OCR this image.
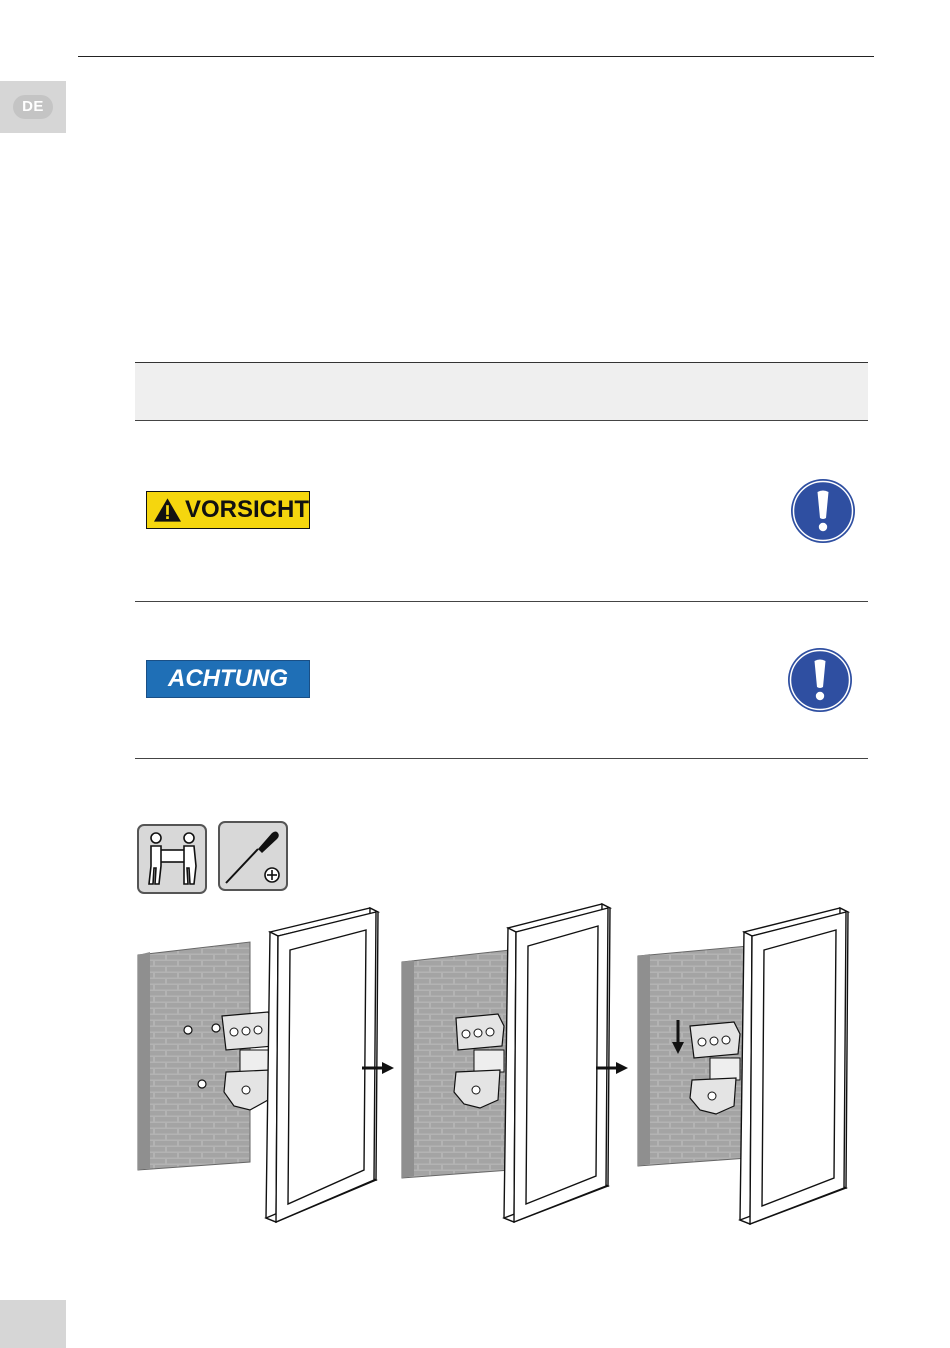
DE
VORSICHT
ACHTUNG
